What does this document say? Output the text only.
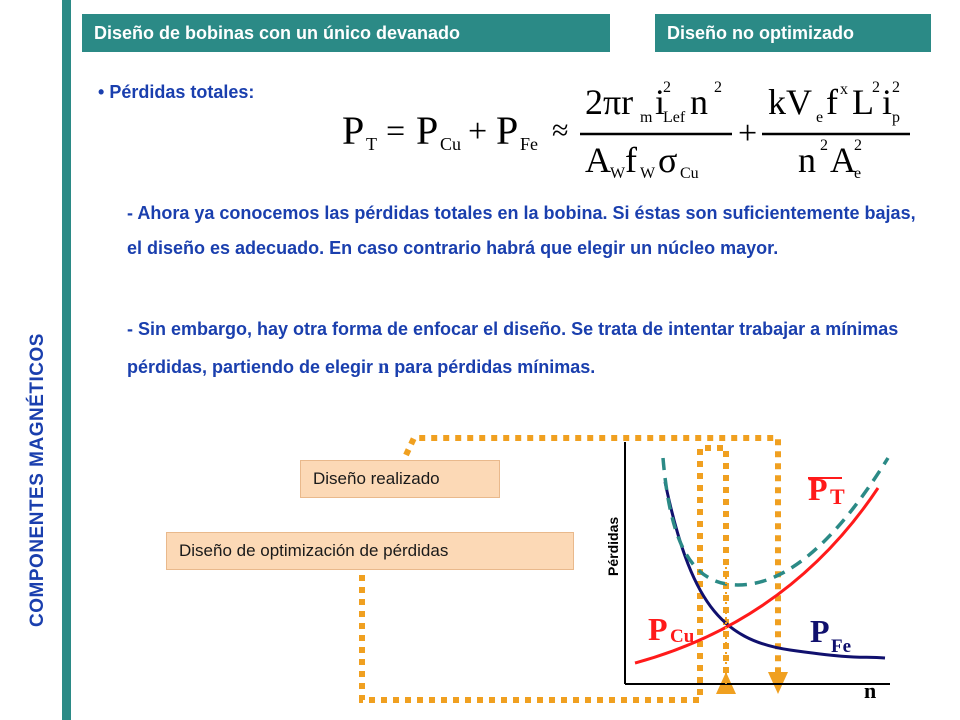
COMPONENTES MAGNÉTICOS
Diseño de bobinas con un único devanado	Diseño no optimizado
• Pérdidas totales:
P T = P Cu + P Fe ≈
2πr m i
2
Lef n 2
A W f W σ Cu
+
kV e f x L
2 i 2
p
n 2 A
2
e
- Ahora ya conocemos las pérdidas totales en la bobina. Si éstas son suficientemente bajas, el diseño es adecuado. En caso contrario habrá que elegir un núcleo mayor.
- Sin embargo, hay otra forma de enfocar el diseño. Se trata de intentar trabajar a mínimas pérdidas, partiendo de elegir n para pérdidas mínimas.
Pérdidas
n
P T
P Cu	P Fe
Diseño realizado
Diseño de optimización de pérdidas
